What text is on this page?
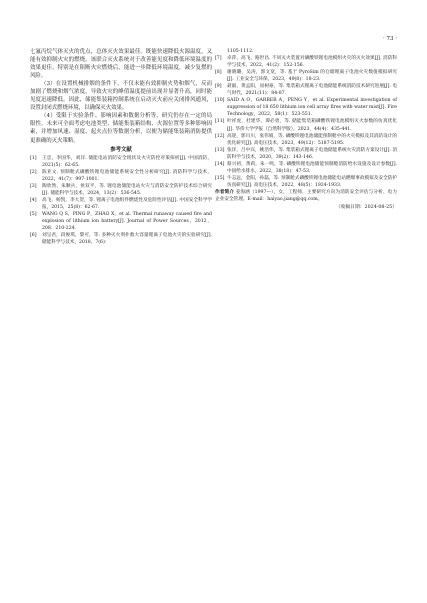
· 73 ·

七氟丙烷气体灭火的优点，总体灭火效果最佳。既能快速降低火源温度，又能有效抑制火灾的燃烧。该联合灭火系统对于改善能见度和降低环境温度的效果更佳，特别是在阻断火灾燃烧后，能进一步降低环境温度，减少复燃的风险。

（3）在设置机械排烟的条件下，不仅未能有效抑制火势和烟气，反而加剧了燃烧和烟气浓度，导致火灾的峰值温度提前出现并显著升高，同时能见度迅速降低。因此，储能集装箱控制系统在启动灭火前应关闭排风通风，设置封闭式燃烧环境，以确保灭火效果。

（4）受限于实验条件、影响因素和数据分析等，研究仍存在一定的局限性。未来可全面考虑电池类型、储能集装箱结构、火源位置等多种影响因素，并增加风速、湿度、起火点位等数据分析，以便为储能集装箱消防提供更准确的灭火策略。

参考文献
[1] 王忠，李国华，刘洋. 储能电站消防安全现状及火灾防控对策探析[J]. 中国消防，2021(5)：62-65.
[2] 陈亚文. 预制舱式磷酸铁锂电池储能系统安全性分析研究[J]. 消防科学与技术，2022，41(7)：997-1001.
[3] 陶欣然，朱顺兵，侯双平，等. 锂电池储能电站火灾与消防安全防护技术综合研究[J]. 储能科学与技术，2024，13(2)：536-545.
[4] 高飞，杨凯，李大贺，等. 锂离子电池组件燃烧性及危险性评估[J]. 中国安全科学学报，2015，25(8)：62-67.
[5] WANG Q S，PING P，ZHAO X，et al. Thermal runaway caused fire and explosion of lithium ion battery[J]. Journal of Power Sources，2012，208：210-224.
[6] 刘呈君，段俊琪，黎可，等. 多种灭火剂扑救大容量锂离子电池火灾的实验研究[J]. 储能科学与技术，2018，7(6)：
1105-1112.
[7] 卓萍，高飞，路世昌. 不同灭火装置对磷酸铁锂电池模组火灾的灭火效果[J]. 消防科学与技术，2022，41(2)：152-156.
[8] 谢晓璐，吴涛，郭文宽，等. 基于 PyroSim 的仓储锂离子电池火灾数值模拟研究[J]. 工业安全与环保，2023，49(8)：18-23.
[9] 聂毅，黄孟阳，屈树豪，等. 集装箱式锂离子电池储能系统消防技术研究进展[J]. 电气时代，2021(11)：84-87.
[10] SAID A O，GARBER A，PENG Y，et al. Experimental investigation of suppression of 18 650 lithium ion cell array fires with water mist[J]. Fire Technology，2022，58(1)：523-551.
[11] 叶祥虎，杜建华，谭必勇，等. 储能集装箱磷酸铁锂电池模组灭火参数的仿真优化[J]. 华侨大学学报（自然科学版），2023，44(4)：435-441.
[12] 高迎，郭川川，张伟娟，等. 磷酸铁锂电池储能预制舱中的火灾模拟及其消防设计的优化研究[J]. 高电压技术，2023，49(12)：5187-5195.
[13] 张洋，吕中宾，姚浩伟，等. 集装箱式锂离子电池储能系统火灾消防方案设计[J]. 消防科学与技术，2020，39(2)：143-146.
[14] 蔡兴初，黄莉，朱一鸣，等. 磷酸铁锂电池储能预制舱消防给水设施及设计参数[J]. 中国给水排水，2022，38(18)：47-53.
[15] 牛志远，金阳，孙磊，等. 预制舱式磷酸铁锂电池储能电站燃爆事故模拟及安全防护仿真研究[J]. 高电压技术，2022，48(5)：1924-1933.
作者简介 姜海涵（1997—），女，工程师，主要研究方向为消防安全评估与分析、电力企业安全管理。E-mail：haiyao.jiang@qq.com。
（收稿日期：2024-08-25）
